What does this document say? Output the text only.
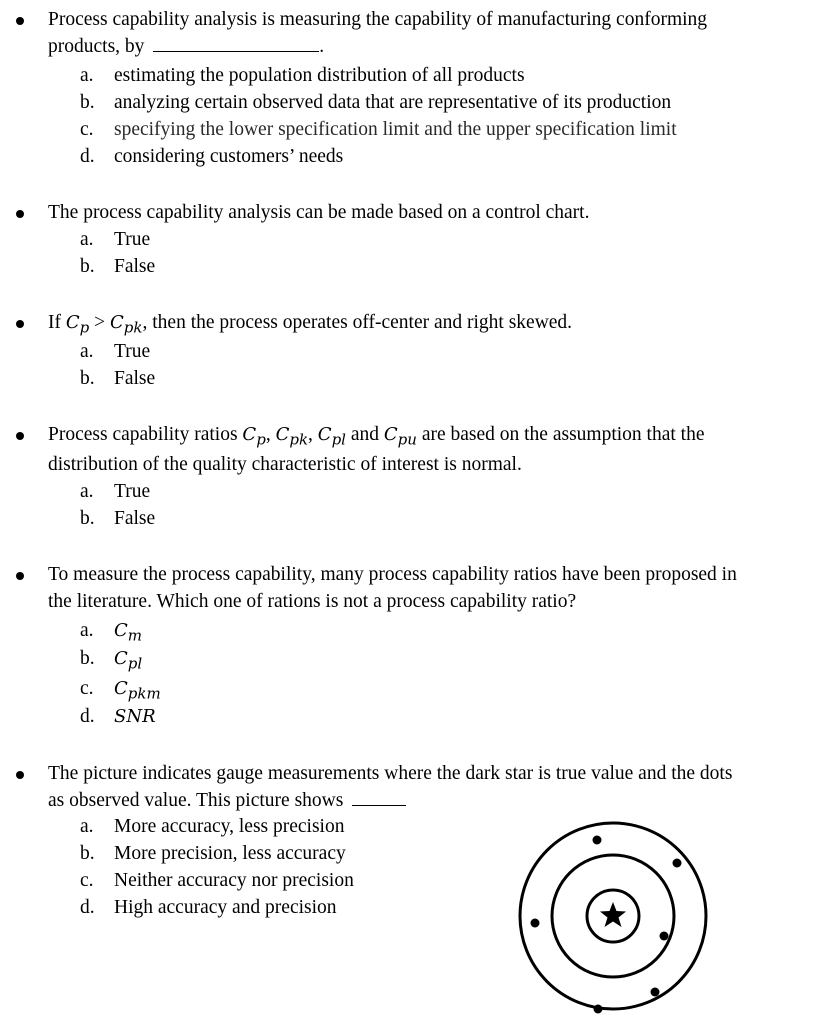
Process capability analysis is measuring the capability of manufacturing conforming
products, by	.
a. estimating the population distribution of all products
b. analyzing certain observed data that are representative of its production
c. specifying the lower specification limit and the upper specification limit
d. considering customers’ needs
The process capability analysis can be made based on a control chart.
a. True
b. False
If $C_p > C_{pk}$, then the process operates off-center and right skewed.
a. True
b. False
Process capability ratios $C_p$, $C_{pk}$, $C_{pl}$ and $C_{pu}$ are based on the assumption that the
distribution of the quality characteristic of interest is normal.
a. True
b. False
To measure the process capability, many process capability ratios have been proposed in
the literature. Which one of rations is not a process capability ratio?
a. $C_m$
b. $C_{pl}$
c. $C_{pkm}$
d. SNR
The picture indicates gauge measurements where the dark star is true value and the dots
as observed value. This picture shows
a. More accuracy, less precision
b. More precision, less accuracy
c. Neither accuracy nor precision
d. High accuracy and precision
